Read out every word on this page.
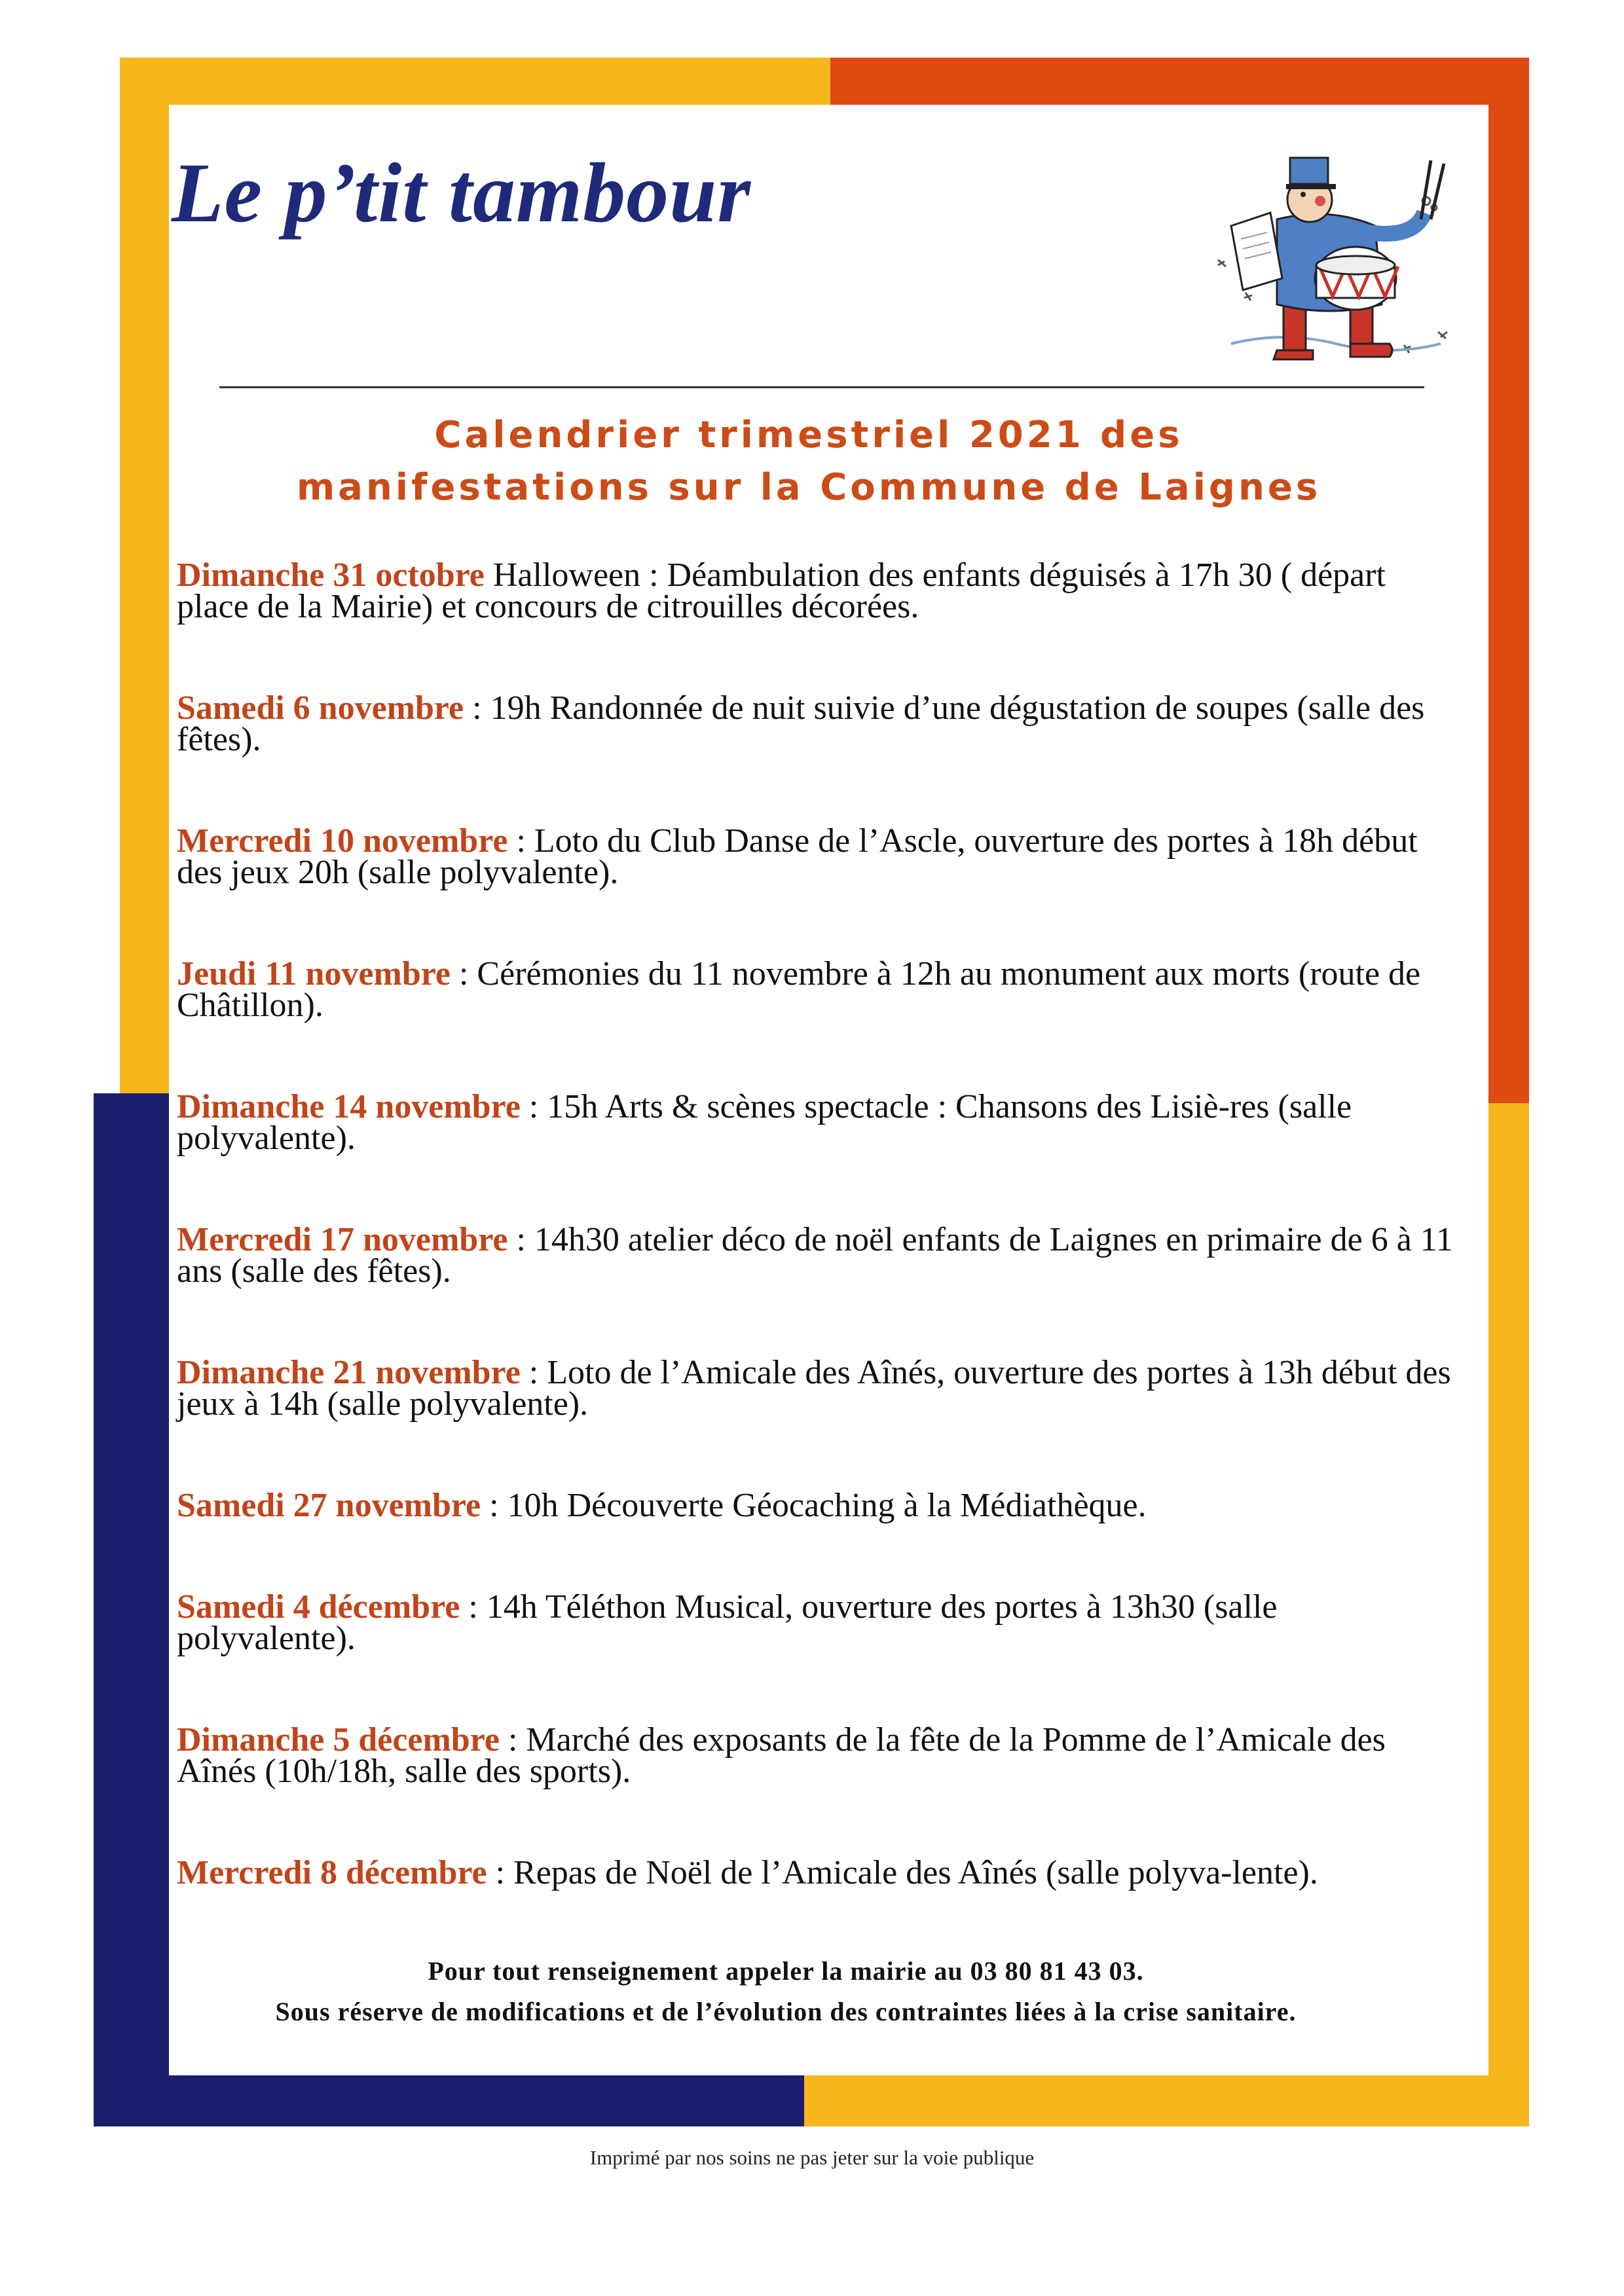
Le p’tit tambour
Calendrier trimestriel 2021 des
manifestations sur la Commune de Laignes

Dimanche 31 octobre Halloween : Déambulation des enfants déguisés à 17h 30 ( départ place de la Mairie) et concours de citrouilles décorées.

Samedi 6 novembre : 19h Randonnée de nuit suivie d’une dégustation de soupes (salle des fêtes).

Mercredi 10 novembre : Loto du Club Danse de l’Ascle, ouverture des portes à 18h début des jeux 20h (salle polyvalente).

Jeudi 11 novembre : Cérémonies du 11 novembre à 12h au monument aux morts (route de Châtillon).

Dimanche 14 novembre : 15h Arts & scènes spectacle : Chansons des Lisiè-res (salle polyvalente).

Mercredi 17 novembre : 14h30 atelier déco de noël enfants de Laignes en primaire de 6 à 11 ans (salle des fêtes).

Dimanche 21 novembre : Loto de l’Amicale des Aînés, ouverture des portes à 13h début des jeux à 14h (salle polyvalente).

Samedi 27 novembre : 10h Découverte Géocaching à la Médiathèque.

Samedi 4 décembre : 14h Téléthon Musical, ouverture des portes à 13h30 (salle polyvalente).

Dimanche 5 décembre : Marché des exposants de la fête de la Pomme de l’Amicale des Aînés (10h/18h, salle des sports).

Mercredi 8 décembre : Repas de Noël de l’Amicale des Aînés (salle polyva-lente).

Pour tout renseignement appeler la mairie au 03 80 81 43 03.
Sous réserve de modifications et de l’évolution des contraintes liées à la crise sanitaire.
Imprimé par nos soins ne pas jeter sur la voie publique
